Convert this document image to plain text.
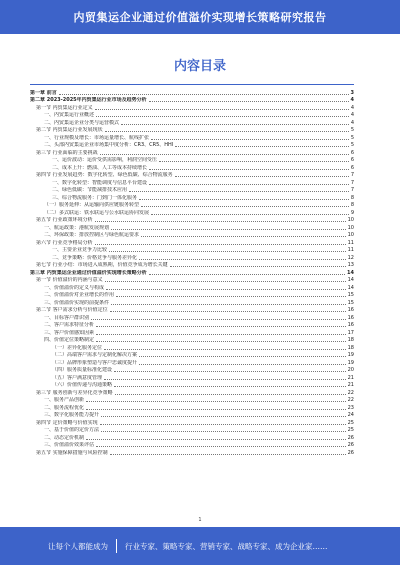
内贸集运企业通过价值溢价实现增长策略研究报告
内容目录
第一章 前言	3
第二章 2023-2025年内贸集运行业市场及趋势分析	4
第一节 内贸集运行业定义	4
一、内贸集运行业概述	4
二、内贸集运企业分类与运营模式	4
第二节 内贸集运行业发展现状	5
一、行业规模及增长：市场运量增长、航线扩张	5
二、头部内贸集运企业市场集中度分析：CR3、CR5、HHI	5
第三节 行业面临的主要挑战	6
一、运价波动：运价受供需影响，利润空间受压	6
二、成本上升：燃油、人工等成本持续增长	6
第四节 行业发展趋势：数字化转型、绿色低碳、综合物流服务	7
一、数字化转型：智能调度与信息平台建设	7
二、绿色低碳：节能减排技术应用	7
三、综合物流服务：门到门一体化服务	8
（一）服务延伸：从运输向供应链服务转型	8
（二）多式联运：铁水联运与公水联运协同发展	9
第五节 行业政策环境分析	10
一、航运政策：港航发展规划	10
二、环保政策：排放控制区与绿色航运要求	10
第六节 行业竞争格局分析	11
一、主要企业竞争力比较	11
二、竞争策略：价格竞争与服务差异化	12
第七节 行业小结：市场进入成熟期，价值竞争成为增长关键	13
第三章 内贸集运企业通过价值溢价实现增长策略分析	14
第一节 价值溢价的内涵与意义	14
一、价值溢价的定义与构成	14
二、价值溢价对企业增长的作用	15
三、价值溢价实现的前提条件	15
第二节 客户需求分析与价值定位	16
一、目标客户群识别	16
二、客户需求特征分析	16
三、客户价值感知因素	17
四、价值定位策略制定	18
（一）差异化服务定位	18
（二）高端客户需求与定制化解决方案	19
（三）品牌形象塑造与客户忠诚度提升	19
（四）服务质量标准化建设	20
（五）客户满意度管理	21
（六）价值传递与沟通策略	21
第三节 服务创新与差异化竞争策略	22
一、服务产品创新	22
二、服务流程优化	23
三、数字化服务能力提升	24
第四节 定价策略与价值实现	25
一、基于价值的定价方法	25
二、动态定价机制	26
三、价值溢价效果评估	26
第五节 实施保障措施与风险控制	26
1
让每个人都能成为 行业专家、策略专家、营销专家、战略专家、成为企业家……
